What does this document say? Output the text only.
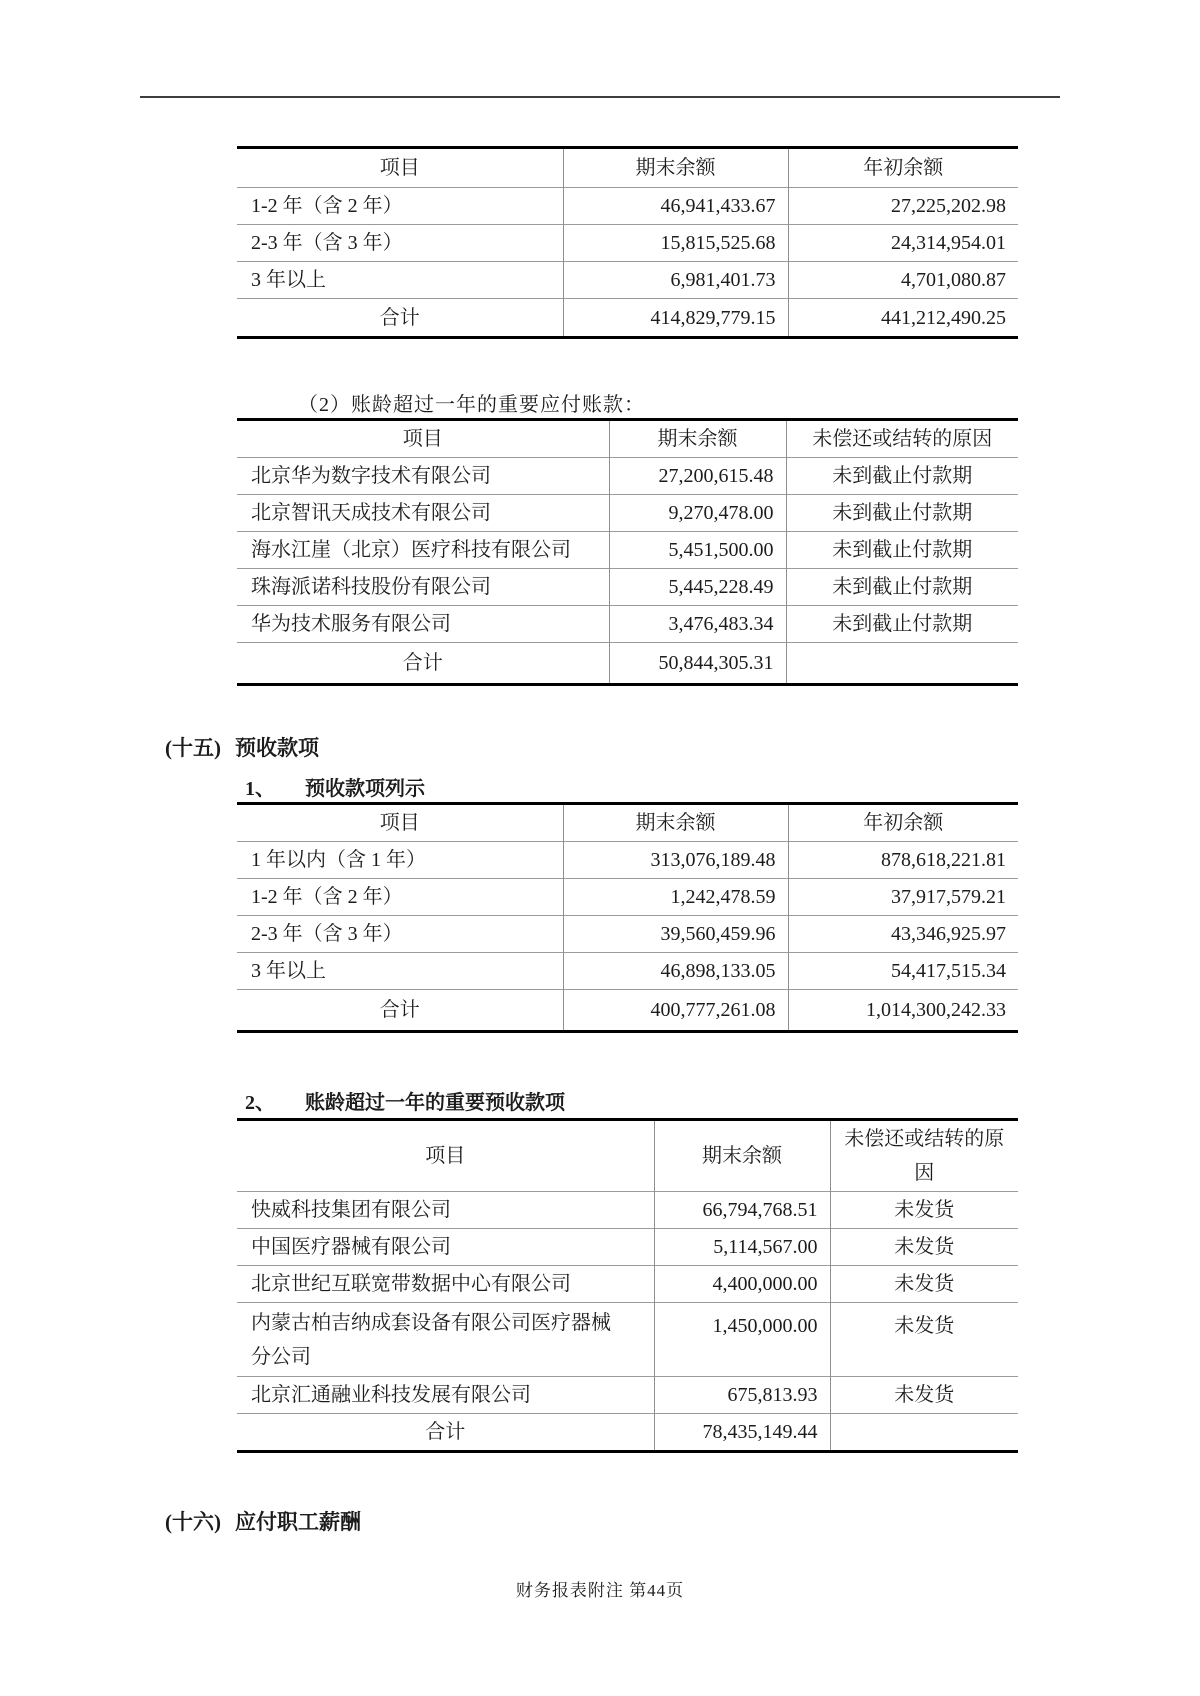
项目	期末余额	年初余额
1-2 年（含 2 年）	46,941,433.67	27,225,202.98
2-3 年（含 3 年）	15,815,525.68	24,314,954.01
3 年以上	6,981,401.73	4,701,080.87
合计	414,829,779.15	441,212,490.25
（2）账龄超过一年的重要应付账款：
项目	期末余额	未偿还或结转的原因
北京华为数字技术有限公司	27,200,615.48	未到截止付款期
北京智讯天成技术有限公司	9,270,478.00	未到截止付款期
海水江崖（北京）医疗科技有限公司	5,451,500.00	未到截止付款期
珠海派诺科技股份有限公司	5,445,228.49	未到截止付款期
华为技术服务有限公司	3,476,483.34	未到截止付款期
合计	50,844,305.31	
(十五) 预收款项
1、 预收款项列示
项目	期末余额	年初余额
1 年以内（含 1 年）	313,076,189.48	878,618,221.81
1-2 年（含 2 年）	1,242,478.59	37,917,579.21
2-3 年（含 3 年）	39,560,459.96	43,346,925.97
3 年以上	46,898,133.05	54,417,515.34
合计	400,777,261.08	1,014,300,242.33
2、 账龄超过一年的重要预收款项
项目	期末余额	未偿还或结转的原因
快威科技集团有限公司	66,794,768.51	未发货
中国医疗器械有限公司	5,114,567.00	未发货
北京世纪互联宽带数据中心有限公司	4,400,000.00	未发货
内蒙古柏吉纳成套设备有限公司医疗器械分公司	1,450,000.00	未发货
北京汇通融业科技发展有限公司	675,813.93	未发货
合计	78,435,149.44	
(十六) 应付职工薪酬
财务报表附注 第44页
